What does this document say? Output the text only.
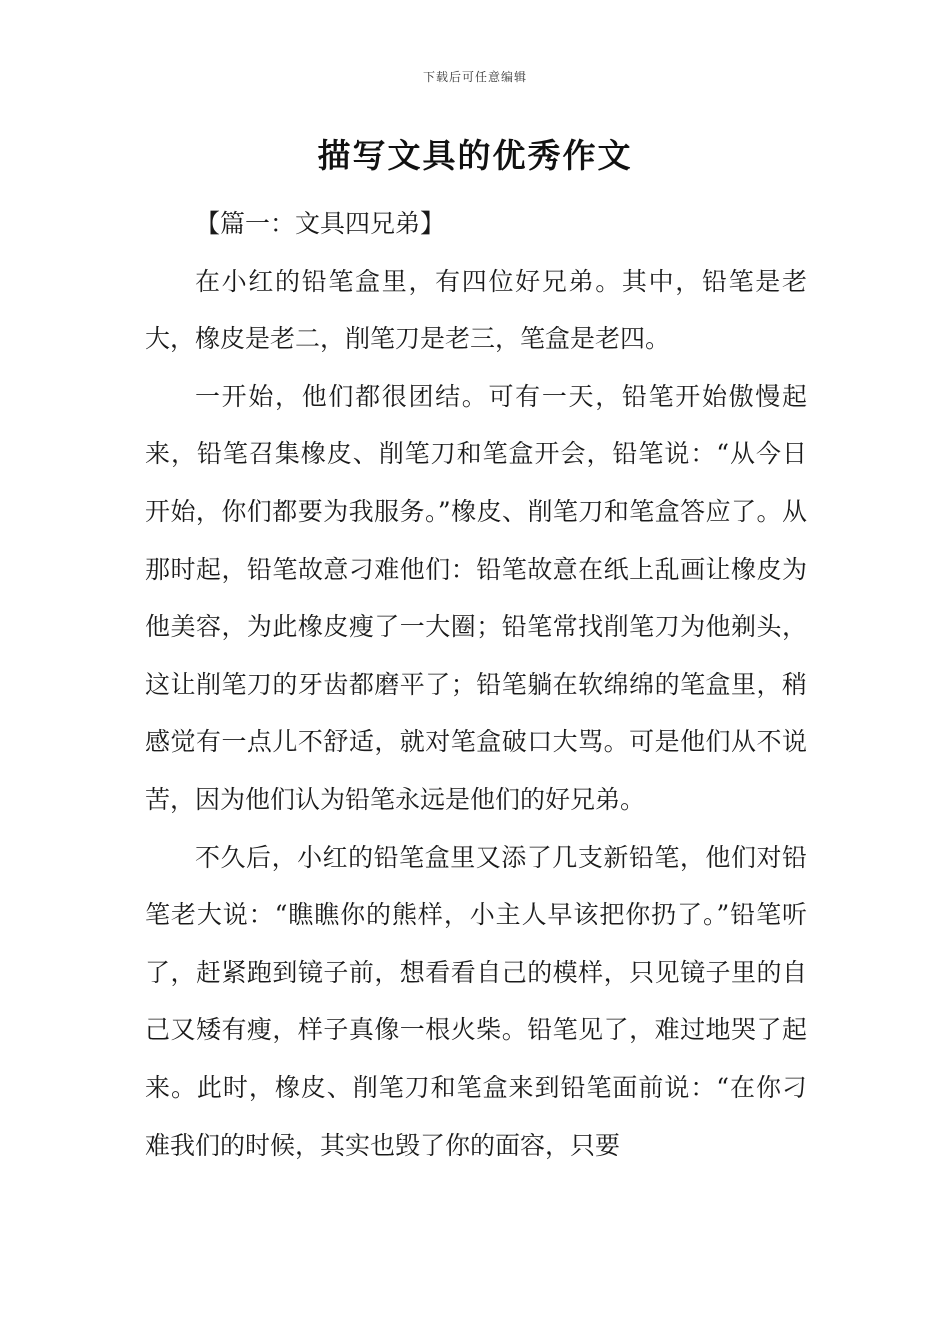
下载后可任意编辑
描写文具的优秀作文

【篇一：文具四兄弟】

在小红的铅笔盒里，有四位好兄弟。其中，铅笔是老大，橡皮是老二，削笔刀是老三，笔盒是老四。

一开始，他们都很团结。可有一天，铅笔开始傲慢起来，铅笔召集橡皮、削笔刀和笔盒开会，铅笔说：“从今日开始，你们都要为我服务。”橡皮、削笔刀和笔盒答应了。从那时起，铅笔故意刁难他们：铅笔故意在纸上乱画让橡皮为他美容，为此橡皮瘦了一大圈；铅笔常找削笔刀为他剃头，这让削笔刀的牙齿都磨平了；铅笔躺在软绵绵的笔盒里，稍感觉有一点儿不舒适，就对笔盒破口大骂。可是他们从不说苦，因为他们认为铅笔永远是他们的好兄弟。

不久后，小红的铅笔盒里又添了几支新铅笔，他们对铅笔老大说：“瞧瞧你的熊样，小主人早该把你扔了。”铅笔听了，赶紧跑到镜子前，想看看自己的模样，只见镜子里的自己又矮有瘦，样子真像一根火柴。铅笔见了，难过地哭了起来。此时，橡皮、削笔刀和笔盒来到铅笔面前说：“在你刁难我们的时候，其实也毁了你的面容，只要
